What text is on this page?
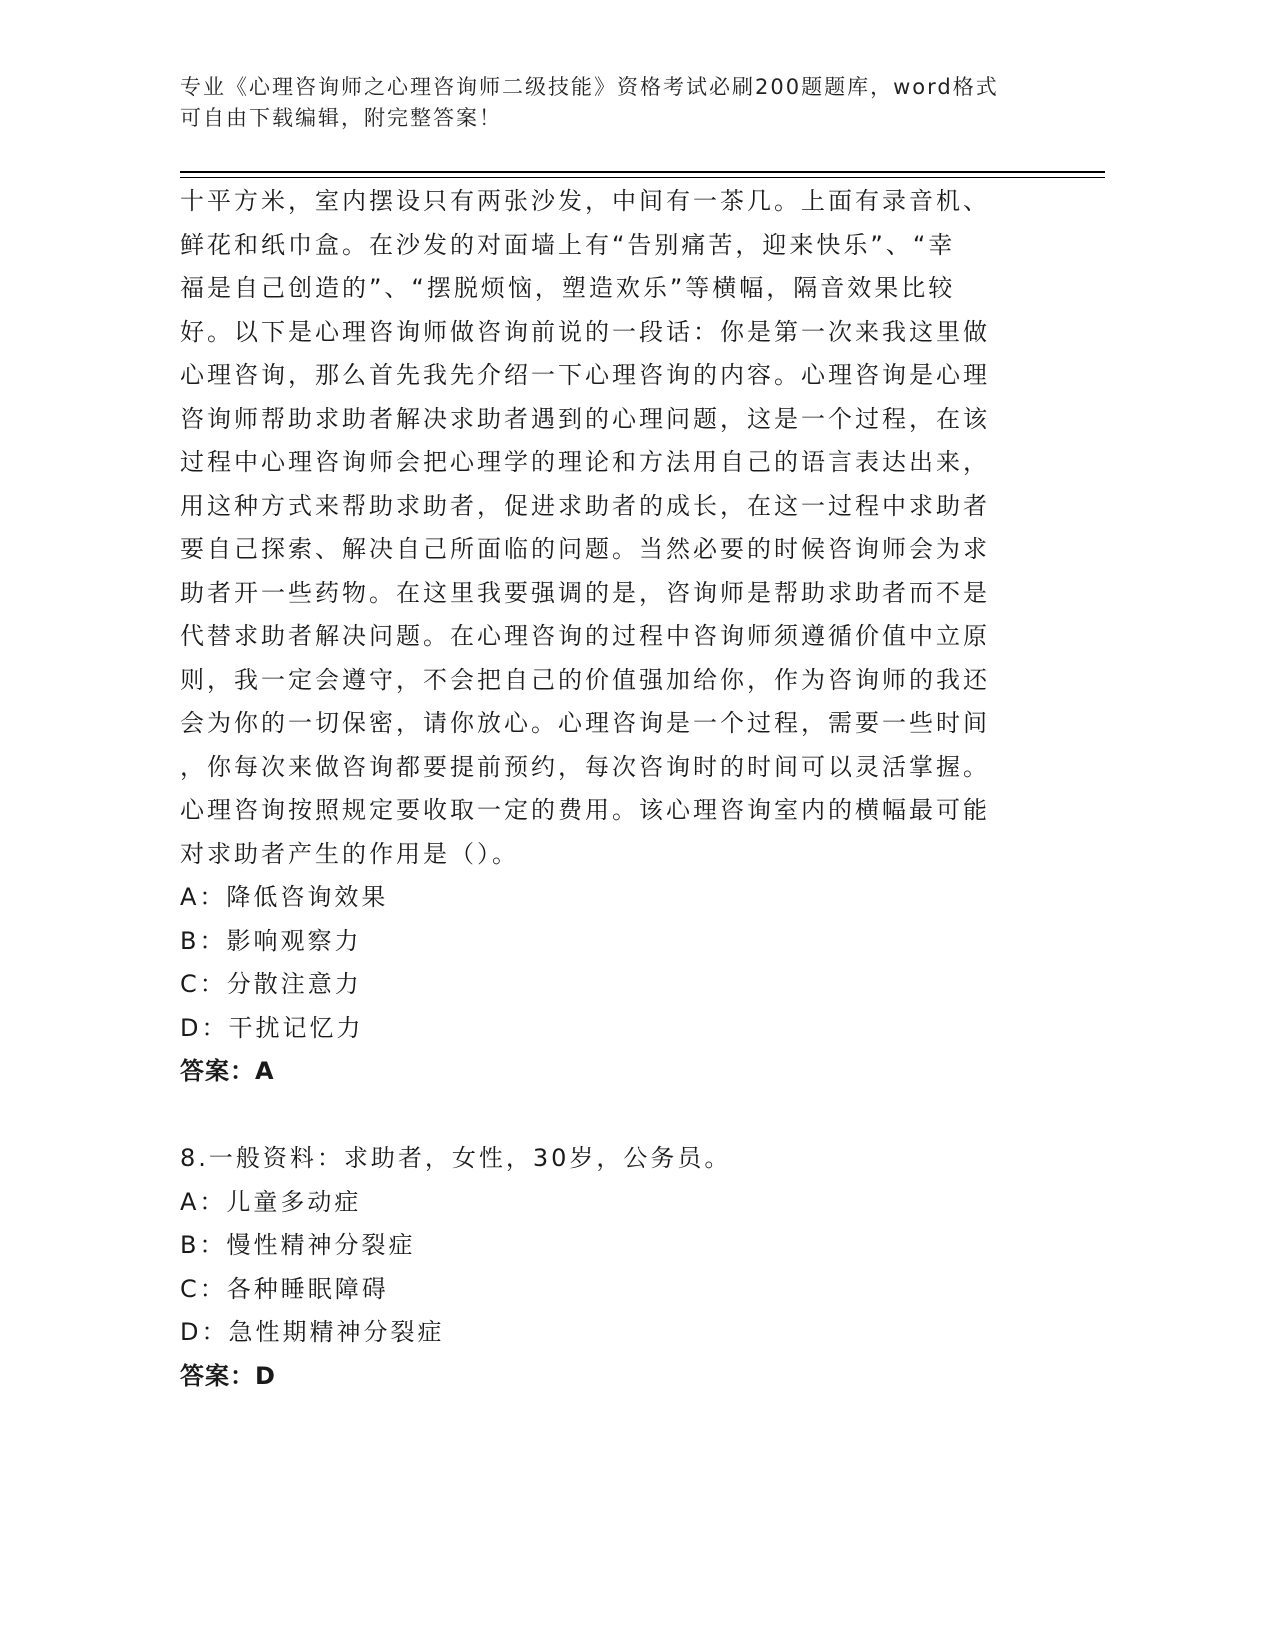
专业《心理咨询师之心理咨询师二级技能》资格考试必刷200题题库，word格式
可自由下载编辑，附完整答案！
十平方米，室内摆设只有两张沙发，中间有一茶几。上面有录音机、
鲜花和纸巾盒。在沙发的对面墙上有“告别痛苦，迎来快乐”、“幸
福是自己创造的”、“摆脱烦恼，塑造欢乐”等横幅，隔音效果比较
好。以下是心理咨询师做咨询前说的一段话：你是第一次来我这里做
心理咨询，那么首先我先介绍一下心理咨询的内容。心理咨询是心理
咨询师帮助求助者解决求助者遇到的心理问题，这是一个过程，在该
过程中心理咨询师会把心理学的理论和方法用自己的语言表达出来，
用这种方式来帮助求助者，促进求助者的成长，在这一过程中求助者
要自己探索、解决自己所面临的问题。当然必要的时候咨询师会为求
助者开一些药物。在这里我要强调的是，咨询师是帮助求助者而不是
代替求助者解决问题。在心理咨询的过程中咨询师须遵循价值中立原
则，我一定会遵守，不会把自己的价值强加给你，作为咨询师的我还
会为你的一切保密，请你放心。心理咨询是一个过程，需要一些时间
，你每次来做咨询都要提前预约，每次咨询时的时间可以灵活掌握。
心理咨询按照规定要收取一定的费用。该心理咨询室内的横幅最可能
对求助者产生的作用是（）。
A：降低咨询效果
B：影响观察力
C：分散注意力
D：干扰记忆力
答案：A
8.一般资料：求助者，女性，30岁，公务员。
A：儿童多动症
B：慢性精神分裂症
C：各种睡眠障碍
D：急性期精神分裂症
答案：D
